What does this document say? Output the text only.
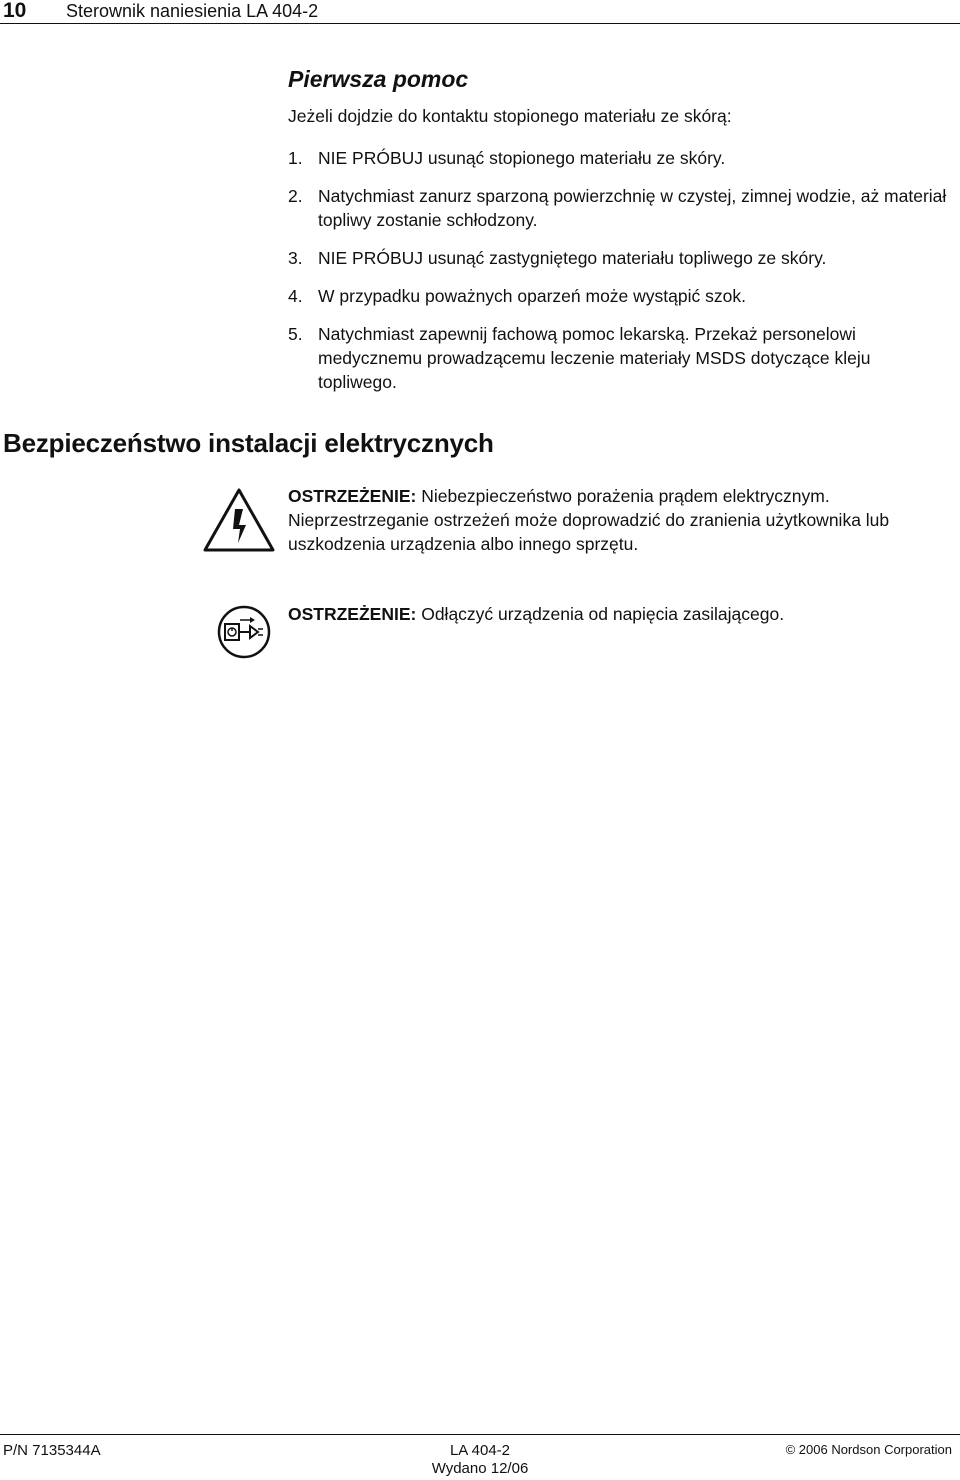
10 Sterownik naniesienia LA 404-2
Pierwsza pomoc

Jeżeli dojdzie do kontaktu stopionego materiału ze skórą:

1. NIE PRÓBUJ usunąć stopionego materiału ze skóry.
2. Natychmiast zanurz sparzoną powierzchnię w czystej, zimnej wodzie, aż materiał topliwy zostanie schłodzony.
3. NIE PRÓBUJ usunąć zastygniętego materiału topliwego ze skóry.
4. W przypadku poważnych oparzeń może wystąpić szok.
5. Natychmiast zapewnij fachową pomoc lekarską. Przekaż personelowi medycznemu prowadzącemu leczenie materiały MSDS dotyczące kleju topliwego.
Bezpieczeństwo instalacji elektrycznych

OSTRZEŻENIE: Niebezpieczeństwo porażenia prądem elektrycznym. Nieprzestrzeganie ostrzeżeń może doprowadzić do zranienia użytkownika lub uszkodzenia urządzenia albo innego sprzętu.

OSTRZEŻENIE: Odłączyć urządzenia od napięcia zasilającego.

P/N 7135344A	LA 404-2
Wydano 12/06
© 2006 Nordson Corporation
